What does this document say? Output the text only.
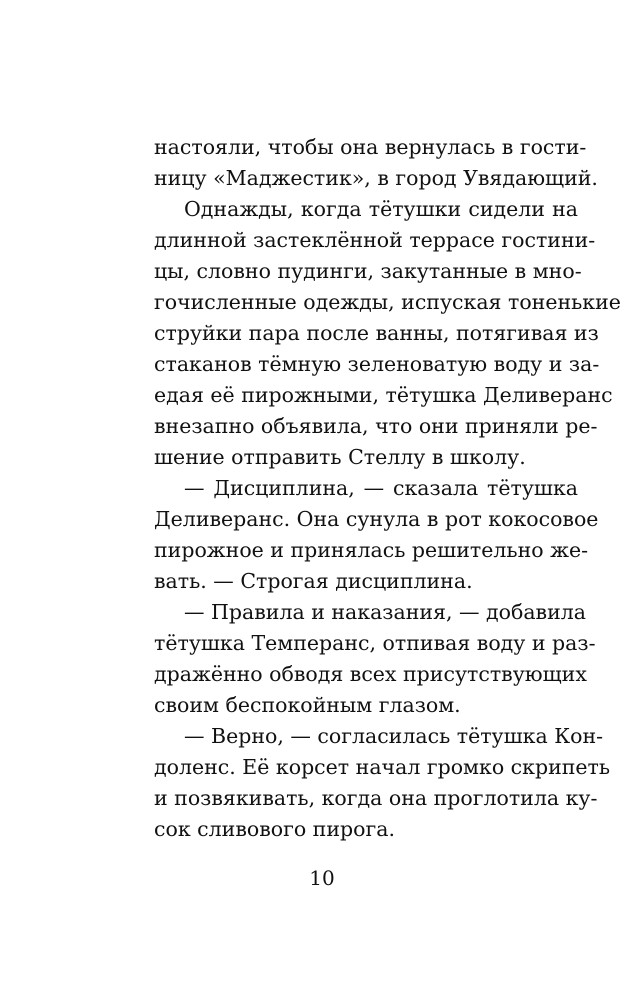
настояли, чтобы она вернулась в гости-
ницу «Маджестик», в город Увядающий.
Однажды, когда тётушки сидели на
длинной застеклённой террасе гостини-
цы, словно пудинги, закутанные в мно-
гочисленные одежды, испуская тоненькие
струйки пара после ванны, потягивая из
стаканов тёмную зеленоватую воду и за-
едая её пирожными, тётушка Деливеранс
внезапно объявила, что они приняли ре-
шение отправить Стеллу в школу.
— Дисциплина, — сказала тётушка
Деливеранс. Она сунула в рот кокосовое
пирожное и принялась решительно же-
вать. — Строгая дисциплина.
— Правила и наказания, — добавила
тётушка Темперанс, отпивая воду и раз-
дражённо обводя всех присутствующих
своим беспокойным глазом.
— Верно, — согласилась тётушка Кон-
доленс. Её корсет начал громко скрипеть
и позвякивать, когда она проглотила ку-
сок сливового пирога.
10
